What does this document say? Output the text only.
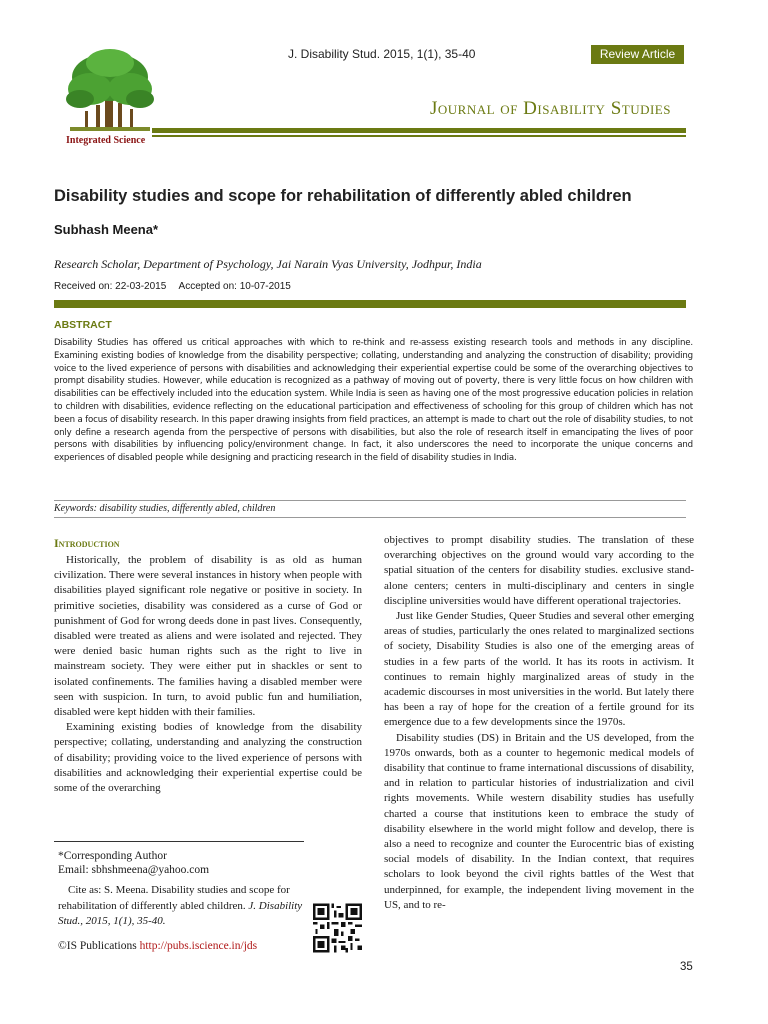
Integrated Science
J. Disability Stud. 2015, 1(1), 35-40	Review Article
Journal of Disability Studies
Disability studies and scope for rehabilitation of differently abled children
Subhash Meena*
Research Scholar, Department of Psychology, Jai Narain Vyas University, Jodhpur, India
Received on: 22-03-2015 Accepted on: 10-07-2015
ABSTRACT
Disability Studies has offered us critical approaches with which to re-think and re-assess existing research tools and methods in any discipline. Examining existing bodies of knowledge from the disability perspective; collating, understanding and analyzing the construction of disability; providing voice to the lived experience of persons with disabilities and acknowledging their experiential expertise could be some of the overarching objectives to prompt disability studies. However, while education is recognized as a pathway of moving out of poverty, there is very little focus on how children with disabilities can be effectively included into the education system. While India is seen as having one of the most progressive education policies in relation to children with disabilities, evidence reflecting on the educational participation and effectiveness of schooling for this group of children which has not been a focus of disability research. In this paper drawing insights from field practices, an attempt is made to chart out the role of disability studies, to not only define a research agenda from the perspective of persons with disabilities, but also the role of research itself in emancipating the lives of poor persons with disabilities by influencing policy/environment change. In fact, it also underscores the need to incorporate the unique concerns and experiences of disabled people while designing and practicing research in the field of disability studies in India.
Keywords: disability studies, differently abled, children
Introduction

Historically, the problem of disability is as old as human civilization. There were several instances in history when people with disabilities played significant role negative or positive in society. In primitive societies, disability was considered as a curse of God or punishment of God for wrong deeds done in past lives. Consequently, disabled were treated as aliens and were isolated and rejected. They were denied basic human rights such as the right to live in mainstream society. They were either put in shackles or sent to isolated confinements. The families having a disabled member were seen with suspicion. In turn, to avoid public fun and humiliation, disabled were kept hidden with their families.

Examining existing bodies of knowledge from the disability perspective; collating, understanding and analyzing the construction of disability; providing voice to the lived experience of persons with disabilities and acknowledging their experiential expertise could be some of the overarching

objectives to prompt disability studies. The translation of these overarching objectives on the ground would vary according to the spatial situation of the centers for disability studies. exclusive stand-alone centers; centers in multi-disciplinary and centers in single discipline universities would have different operational trajectories.

Just like Gender Studies, Queer Studies and several other emerging areas of studies, particularly the ones related to marginalized sections of society, Disability Studies is also one of the emerging areas of studies in a few parts of the world. It has its roots in activism. It continues to remain highly marginalized areas of study in the academic discourses in most universities in the world. But lately there has been a ray of hope for the creation of a fertile ground for its emergence due to a few developments since the 1970s.

Disability studies (DS) in Britain and the US developed, from the 1970s onwards, both as a counter to hegemonic medical models of disability that continue to frame international discussions of disability, and in relation to particular histories of industrialization and civil rights movements. While western disability studies has usefully charted a course that institutions keen to embrace the study of disability elsewhere in the world might follow and develop, there is also a need to recognize and counter the Eurocentric bias of existing social models of disability. In the Indian context, that requires scholars to look beyond the civil rights battles of the West that underpinned, for example, the independent living movement in the US, and to re-

*Corresponding Author
Email: sbhshmeena@yahoo.com
Cite as: S. Meena. Disability studies and scope for rehabilitation of differently abled children. J. Disability Stud., 2015, 1(1), 35-40.
©IS Publications http://pubs.iscience.in/jds
35
